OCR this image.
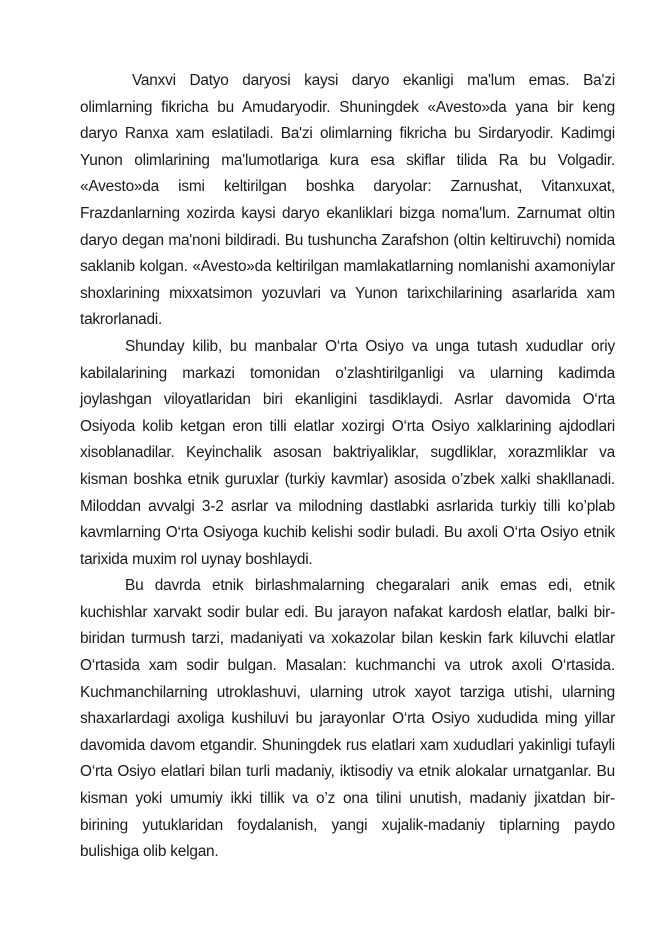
Vanxvi Datyo daryosi kaysi daryo ekanligi ma'lum emas. Ba'zi olimlarning fikricha bu Amudaryodir. Shuningdek «Avesto»da yana bir keng daryo Ranxa xam eslatiladi. Ba'zi olimlarning fikricha bu Sirdaryodir. Kadimgi Yunon olimlarining ma'lumotlariga kura esa skiflar tilida Ra bu Volgadir. «Avesto»da ismi keltirilgan boshka daryolar: Zarnushat, Vitanxuxat, Frazdanlarning xozirda kaysi daryo ekanliklari bizga noma'lum. Zarnumat oltin daryo degan ma'noni bildiradi. Bu tushuncha Zarafshon (oltin keltiruvchi) nomida saklanib kolgan. «Avesto»da keltirilgan mamlakatlarning nomlanishi axamoniylar shoxlarining mixxatsimon yozuvlari va Yunon tarixchilarining asarlarida xam takrorlanadi.

Shunday kilib, bu manbalar O‘rta Osiyo va unga tutash xududlar oriy kabilalarining markazi tomonidan o’zlashtirilganligi va ularning kadimda joylashgan viloyatlaridan biri ekanligini tasdiklaydi. Asrlar davomida O‘rta Osiyoda kolib ketgan eron tilli elatlar xozirgi O‘rta Osiyo xalklarining ajdodlari xisoblanadilar. Keyinchalik asosan baktriyaliklar, sugdliklar, xorazmliklar va kisman boshka etnik guruxlar (turkiy kavmlar) asosida o’zbek xalki shakllanadi. Miloddan avvalgi 3-2 asrlar va milodning dastlabki asrlarida turkiy tilli ko’plab kavmlarning O‘rta Osiyoga kuchib kelishi sodir buladi. Bu axoli O‘rta Osiyo etnik tarixida muxim rol uynay boshlaydi.

Bu davrda etnik birlashmalarning chegaralari anik emas edi, etnik kuchishlar xarvakt sodir bular edi. Bu jarayon nafakat kardosh elatlar, balki bir-biridan turmush tarzi, madaniyati va xokazolar bilan keskin fark kiluvchi elatlar O‘rtasida xam sodir bulgan. Masalan: kuchmanchi va utrok axoli O‘rtasida. Kuchmanchilarning utroklashuvi, ularning utrok xayot tarziga utishi, ularning shaxarlardagi axoliga kushiluvi bu jarayonlar O‘rta Osiyo xududida ming yillar davomida davom etgandir. Shuningdek rus elatlari xam xududlari yakinligi tufayli O‘rta Osiyo elatlari bilan turli madaniy, iktisodiy va etnik alokalar urnatganlar. Bu kisman yoki umumiy ikki tillik va o’z ona tilini unutish, madaniy jixatdan bir-birining yutuklaridan foydalanish, yangi xujalik-madaniy tiplarning paydo bulishiga olib kelgan.
